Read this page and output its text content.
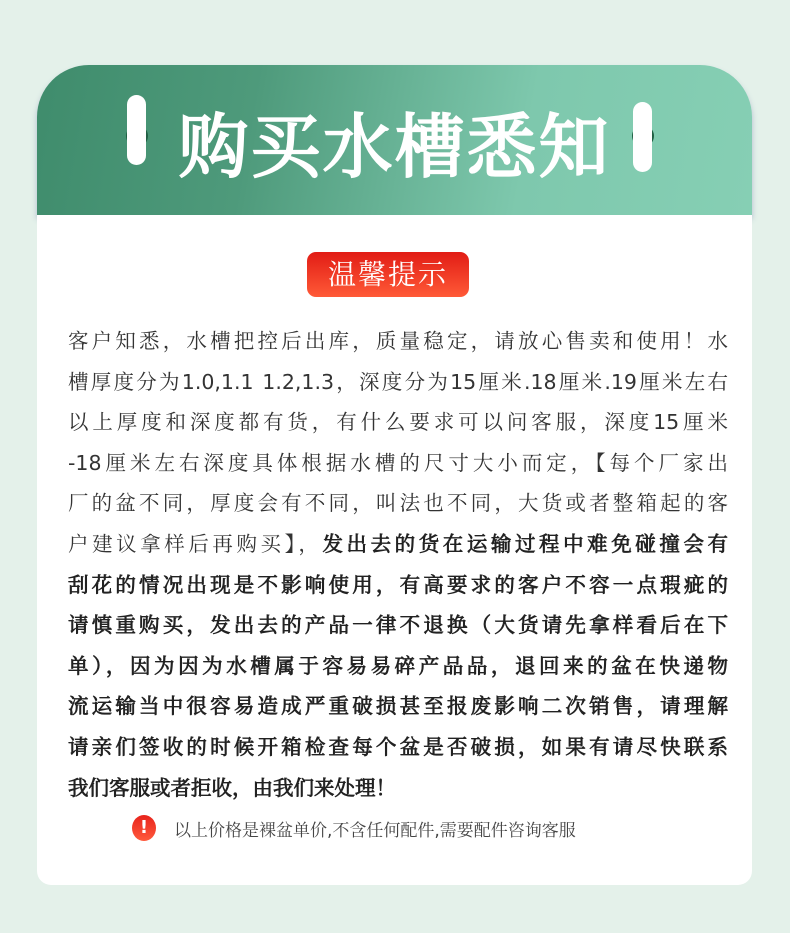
购买水槽悉知
温馨提示
客户知悉，水槽把控后出库，质量稳定，请放心售卖和使用！水
槽厚度分为1.0,1.1 1.2,1.3，深度分为15厘米.18厘米.19厘米左右
以上厚度和深度都有货，有什么要求可以问客服，深度15厘米
-18厘米左右深度具体根据水槽的尺寸大小而定，【每个厂家出
厂的盆不同，厚度会有不同，叫法也不同，大货或者整箱起的客
户建议拿样后再购买】，发出去的货在运输过程中难免碰撞会有
刮花的情况出现是不影响使用，有高要求的客户不容一点瑕疵的
请慎重购买，发出去的产品一律不退换（大货请先拿样看后在下
单），因为因为水槽属于容易易碎产品品，退回来的盆在快递物
流运输当中很容易造成严重破损甚至报废影响二次销售，请理解
请亲们签收的时候开箱检查每个盆是否破损，如果有请尽快联系
我们客服或者拒收，由我们来处理！
!	以上价格是裸盆单价,不含任何配件,需要配件咨询客服
